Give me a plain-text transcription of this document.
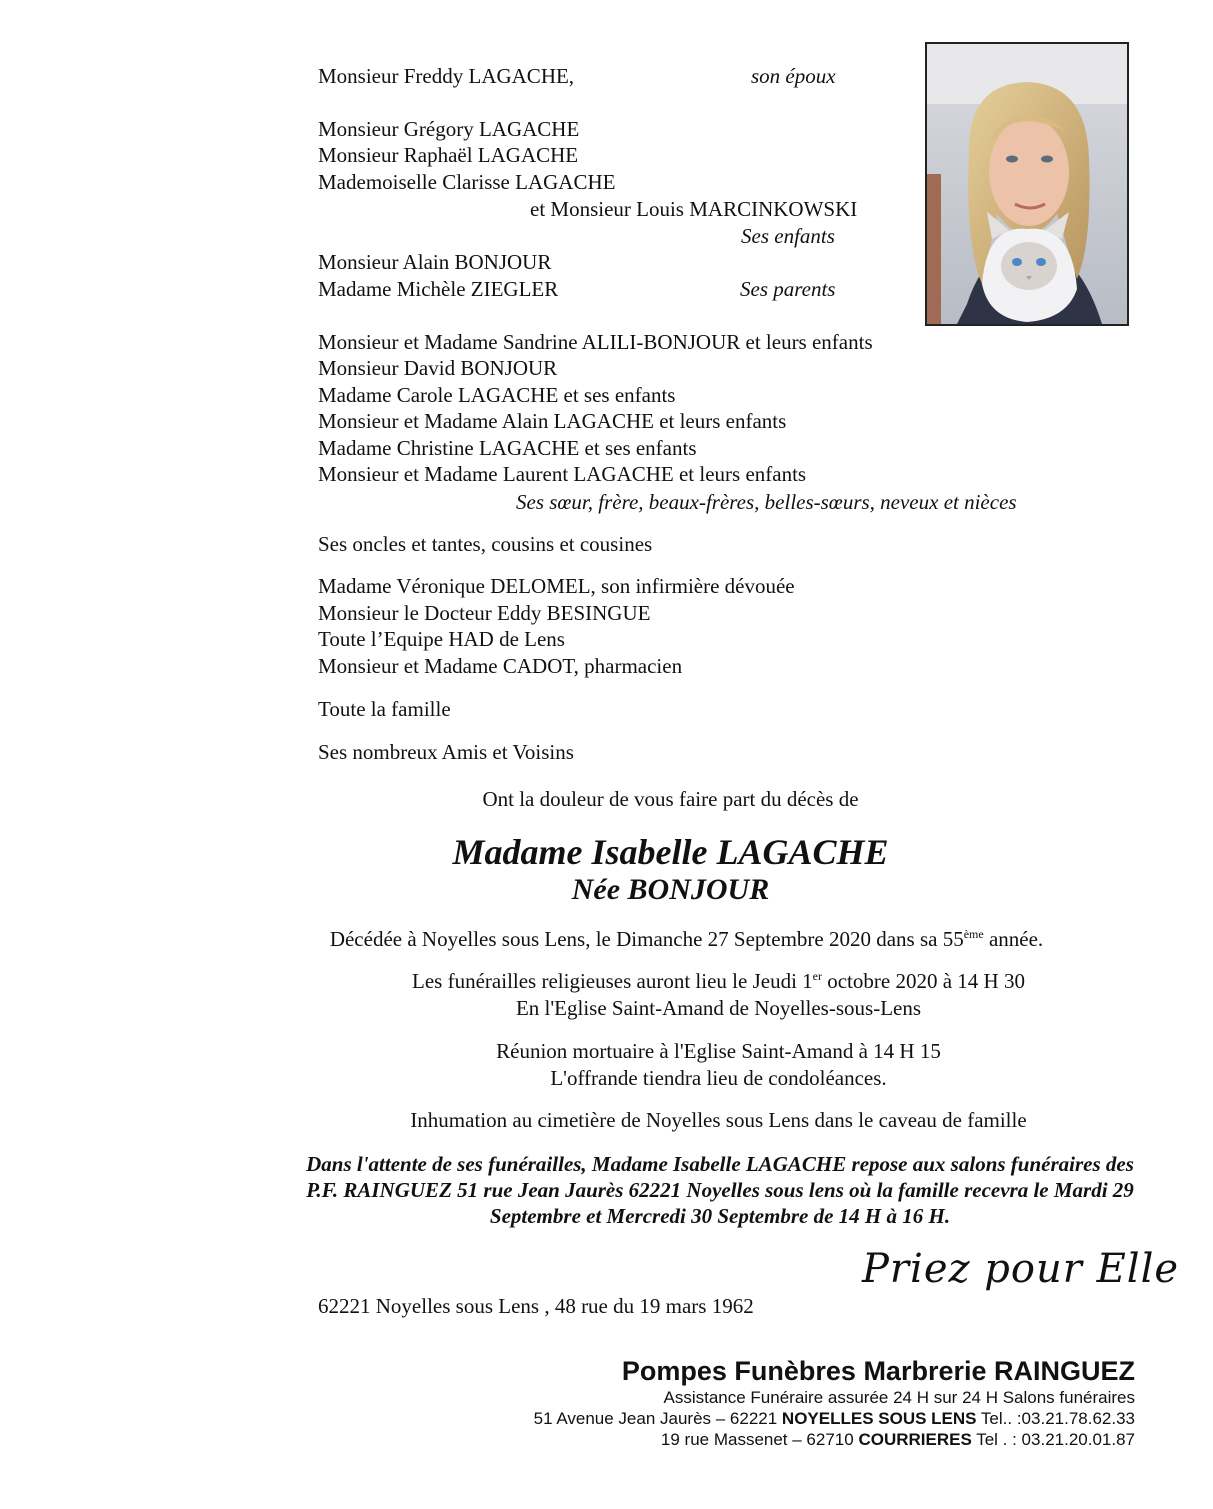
Monsieur Freddy LAGACHE,	son époux
Monsieur Grégory LAGACHE
Monsieur Raphaël LAGACHE
Mademoiselle Clarisse LAGACHE
et Monsieur Louis MARCINKOWSKI
Ses enfants
Monsieur Alain BONJOUR
Madame Michèle ZIEGLER	Ses parents
Monsieur et Madame Sandrine ALILI-BONJOUR et leurs enfants
Monsieur David BONJOUR
Madame Carole LAGACHE et ses enfants
Monsieur et Madame Alain LAGACHE et leurs enfants
Madame Christine LAGACHE et ses enfants
Monsieur et Madame Laurent LAGACHE et leurs enfants
Ses sœur, frère, beaux-frères, belles-sœurs, neveux et nièces
Ses oncles et tantes, cousins et cousines
Madame Véronique DELOMEL, son infirmière dévouée
Monsieur le Docteur Eddy BESINGUE
Toute l’Equipe HAD de Lens
Monsieur et Madame CADOT, pharmacien
Toute la famille
Ses nombreux Amis et Voisins
Ont la douleur de vous faire part du décès de
Madame Isabelle LAGACHE
Née BONJOUR
Décédée à Noyelles sous Lens, le Dimanche 27 Septembre 2020 dans sa 55ème année.
Les funérailles religieuses auront lieu le Jeudi 1er octobre 2020 à 14 H 30
En l'Eglise Saint-Amand de Noyelles-sous-Lens
Réunion mortuaire à l'Eglise Saint-Amand à 14 H 15
L'offrande tiendra lieu de condoléances.
Inhumation au cimetière de Noyelles sous Lens dans le caveau de famille
Dans l'attente de ses funérailles, Madame Isabelle LAGACHE repose aux salons funéraires des P.F. RAINGUEZ 51 rue Jean Jaurès 62221 Noyelles sous lens où la famille recevra le Mardi 29 Septembre et Mercredi 30 Septembre de 14 H à 16 H.
Priez pour Elle
62221 Noyelles sous Lens , 48 rue du 19 mars 1962
Pompes Funèbres Marbrerie RAINGUEZ
Assistance Funéraire assurée 24 H sur 24 H Salons funéraires
51 Avenue Jean Jaurès – 62221 NOYELLES SOUS LENS Tel.. :03.21.78.62.33
19 rue Massenet – 62710 COURRIERES Tel . : 03.21.20.01.87
